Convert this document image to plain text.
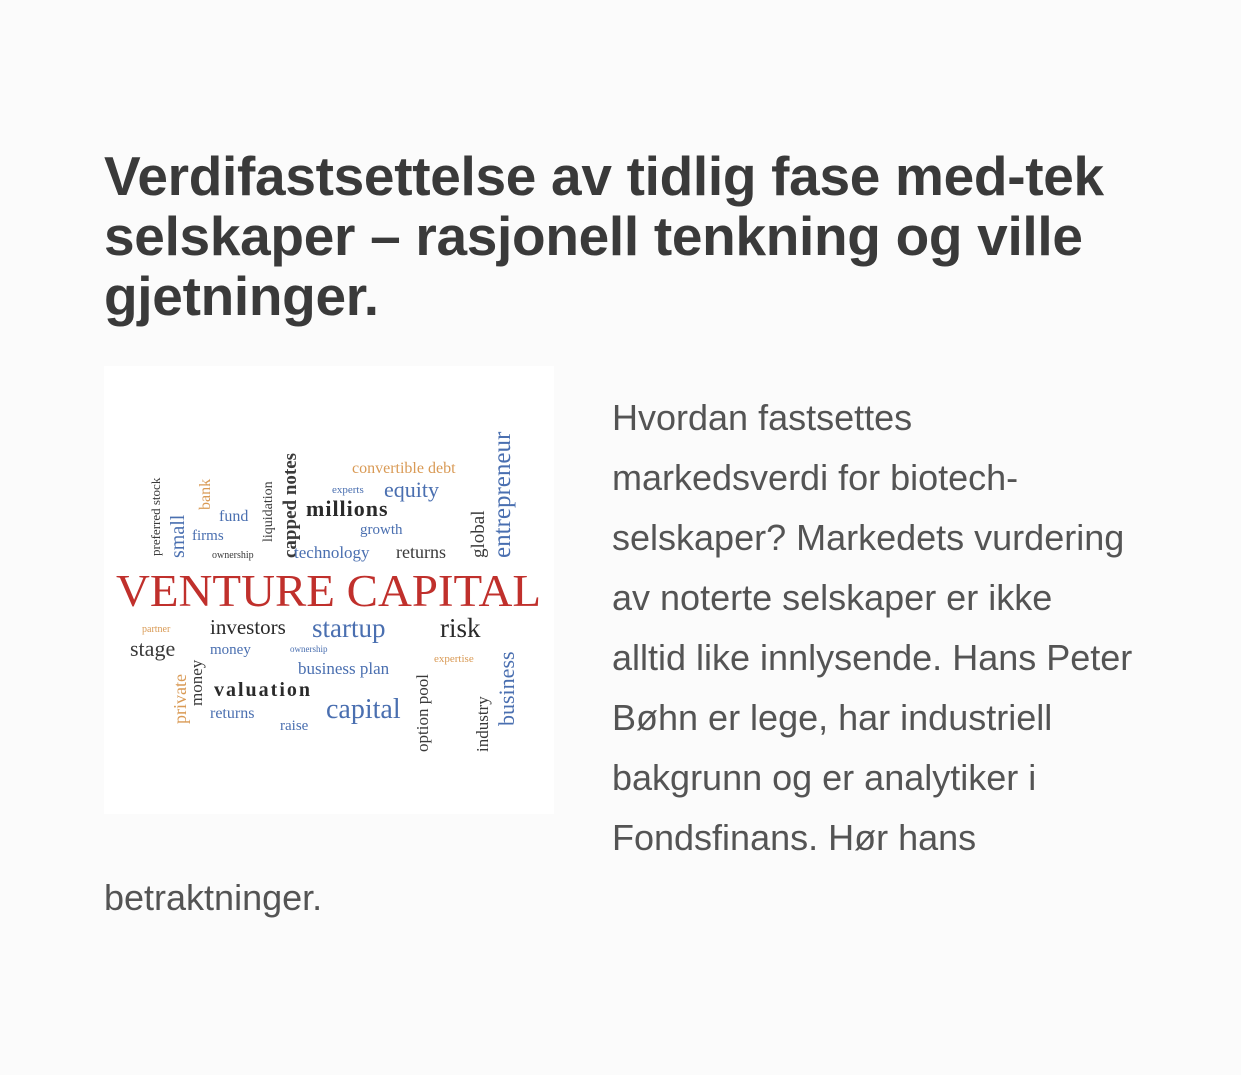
Verdifastsettelse av tidlig fase med-tek selskaper – rasjonell tenkning og ville gjetninger.
preferred stock small
bank
fund
firms
ownership
liquidation capped notes	convertible debt
experts equity
millions
growth
technology returns global entrepreneur
VENTURE CAPITAL
partner
stage
private
money
investors startup risk
money	ownership
expertise
business plan
valuation
returns	capital
raise	option pool industry business

Hvordan fastsettes markedsverdi for biotech-selskaper? Markedets vurdering av noterte selskaper er ikke alltid like innlysende. Hans Peter Bøhn er lege, har industriell bakgrunn og er analytiker i Fondsfinans. Hør hans betraktninger.
